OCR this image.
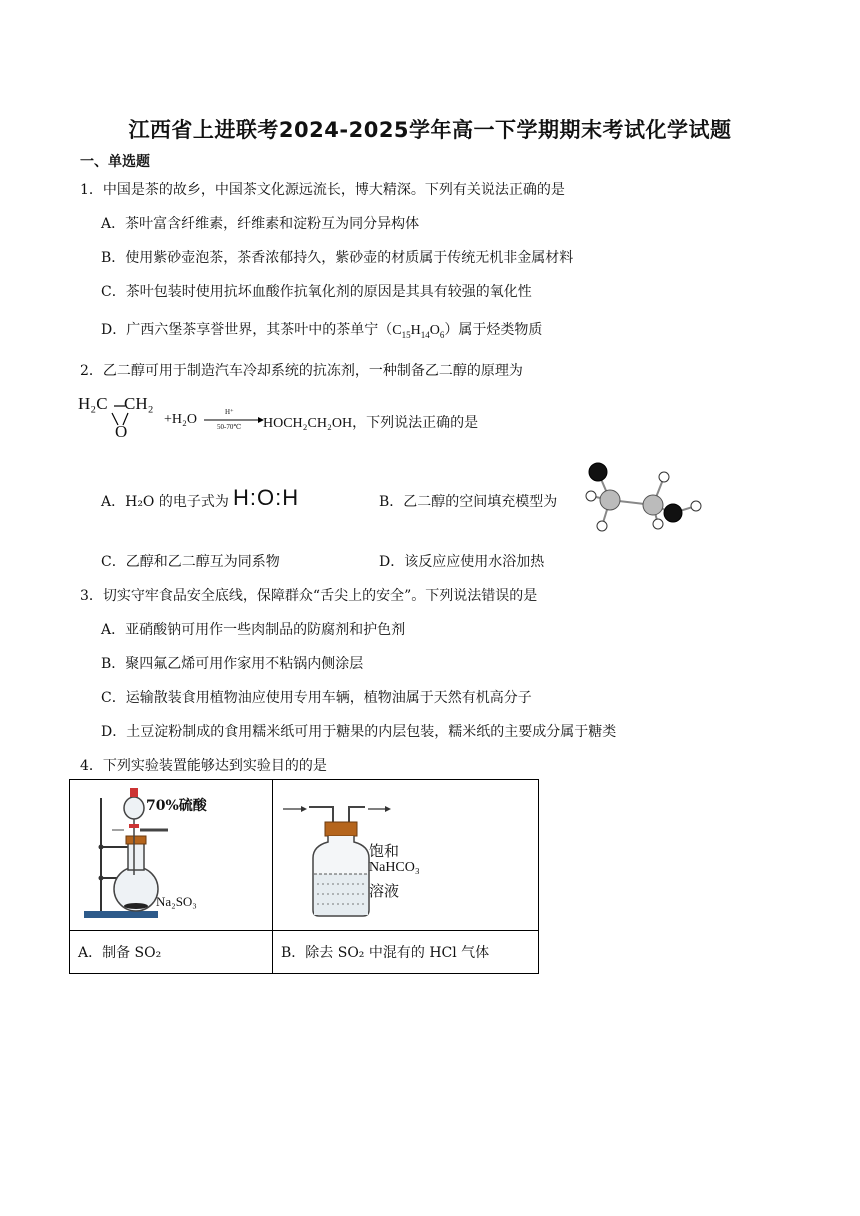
江西省上进联考2024-2025学年高一下学期期末考试化学试题
一、单选题
1．中国是茶的故乡，中国茶文化源远流长，博大精深。下列有关说法正确的是
A．茶叶富含纤维素，纤维素和淀粉互为同分异构体
B．使用紫砂壶泡茶，茶香浓郁持久，紫砂壶的材质属于传统无机非金属材料
C．茶叶包装时使用抗坏血酸作抗氧化剂的原因是其具有较强的氧化性
D．广西六堡茶享誉世界，其茶叶中的茶单宁$(C_{15}H_{14}O_6)$属于烃类物质
2．乙二醇可用于制造汽车冷却系统的抗冻剂，一种制备乙二醇的原理为
H₂C CH₂
O
+H₂O	H⁺
50-70℃ HOCH₂CH₂OH，下列说法正确的是
A．H₂O 的电子式为 H:O:H	B．乙二醇的空间填充模型为
C．乙醇和乙二醇互为同系物	D．该反应应使用水浴加热
3．切实守牢食品安全底线，保障群众“舌尖上的安全”。下列说法错误的是
A．亚硝酸钠可用作一些肉制品的防腐剂和护色剂
B．聚四氟乙烯可用作家用不粘锅内侧涂层
C．运输散装食用植物油应使用专用车辆，植物油属于天然有机高分子
D．土豆淀粉制成的食用糯米纸可用于糖果的内层包装，糯米纸的主要成分属于糖类
4．下列实验装置能够达到实验目的的是
70%硫酸
Na₂SO₃	饱和
NaHCO₃
溶液

A．制备 SO₂	B．除去 SO₂ 中混有的 HCl 气体
